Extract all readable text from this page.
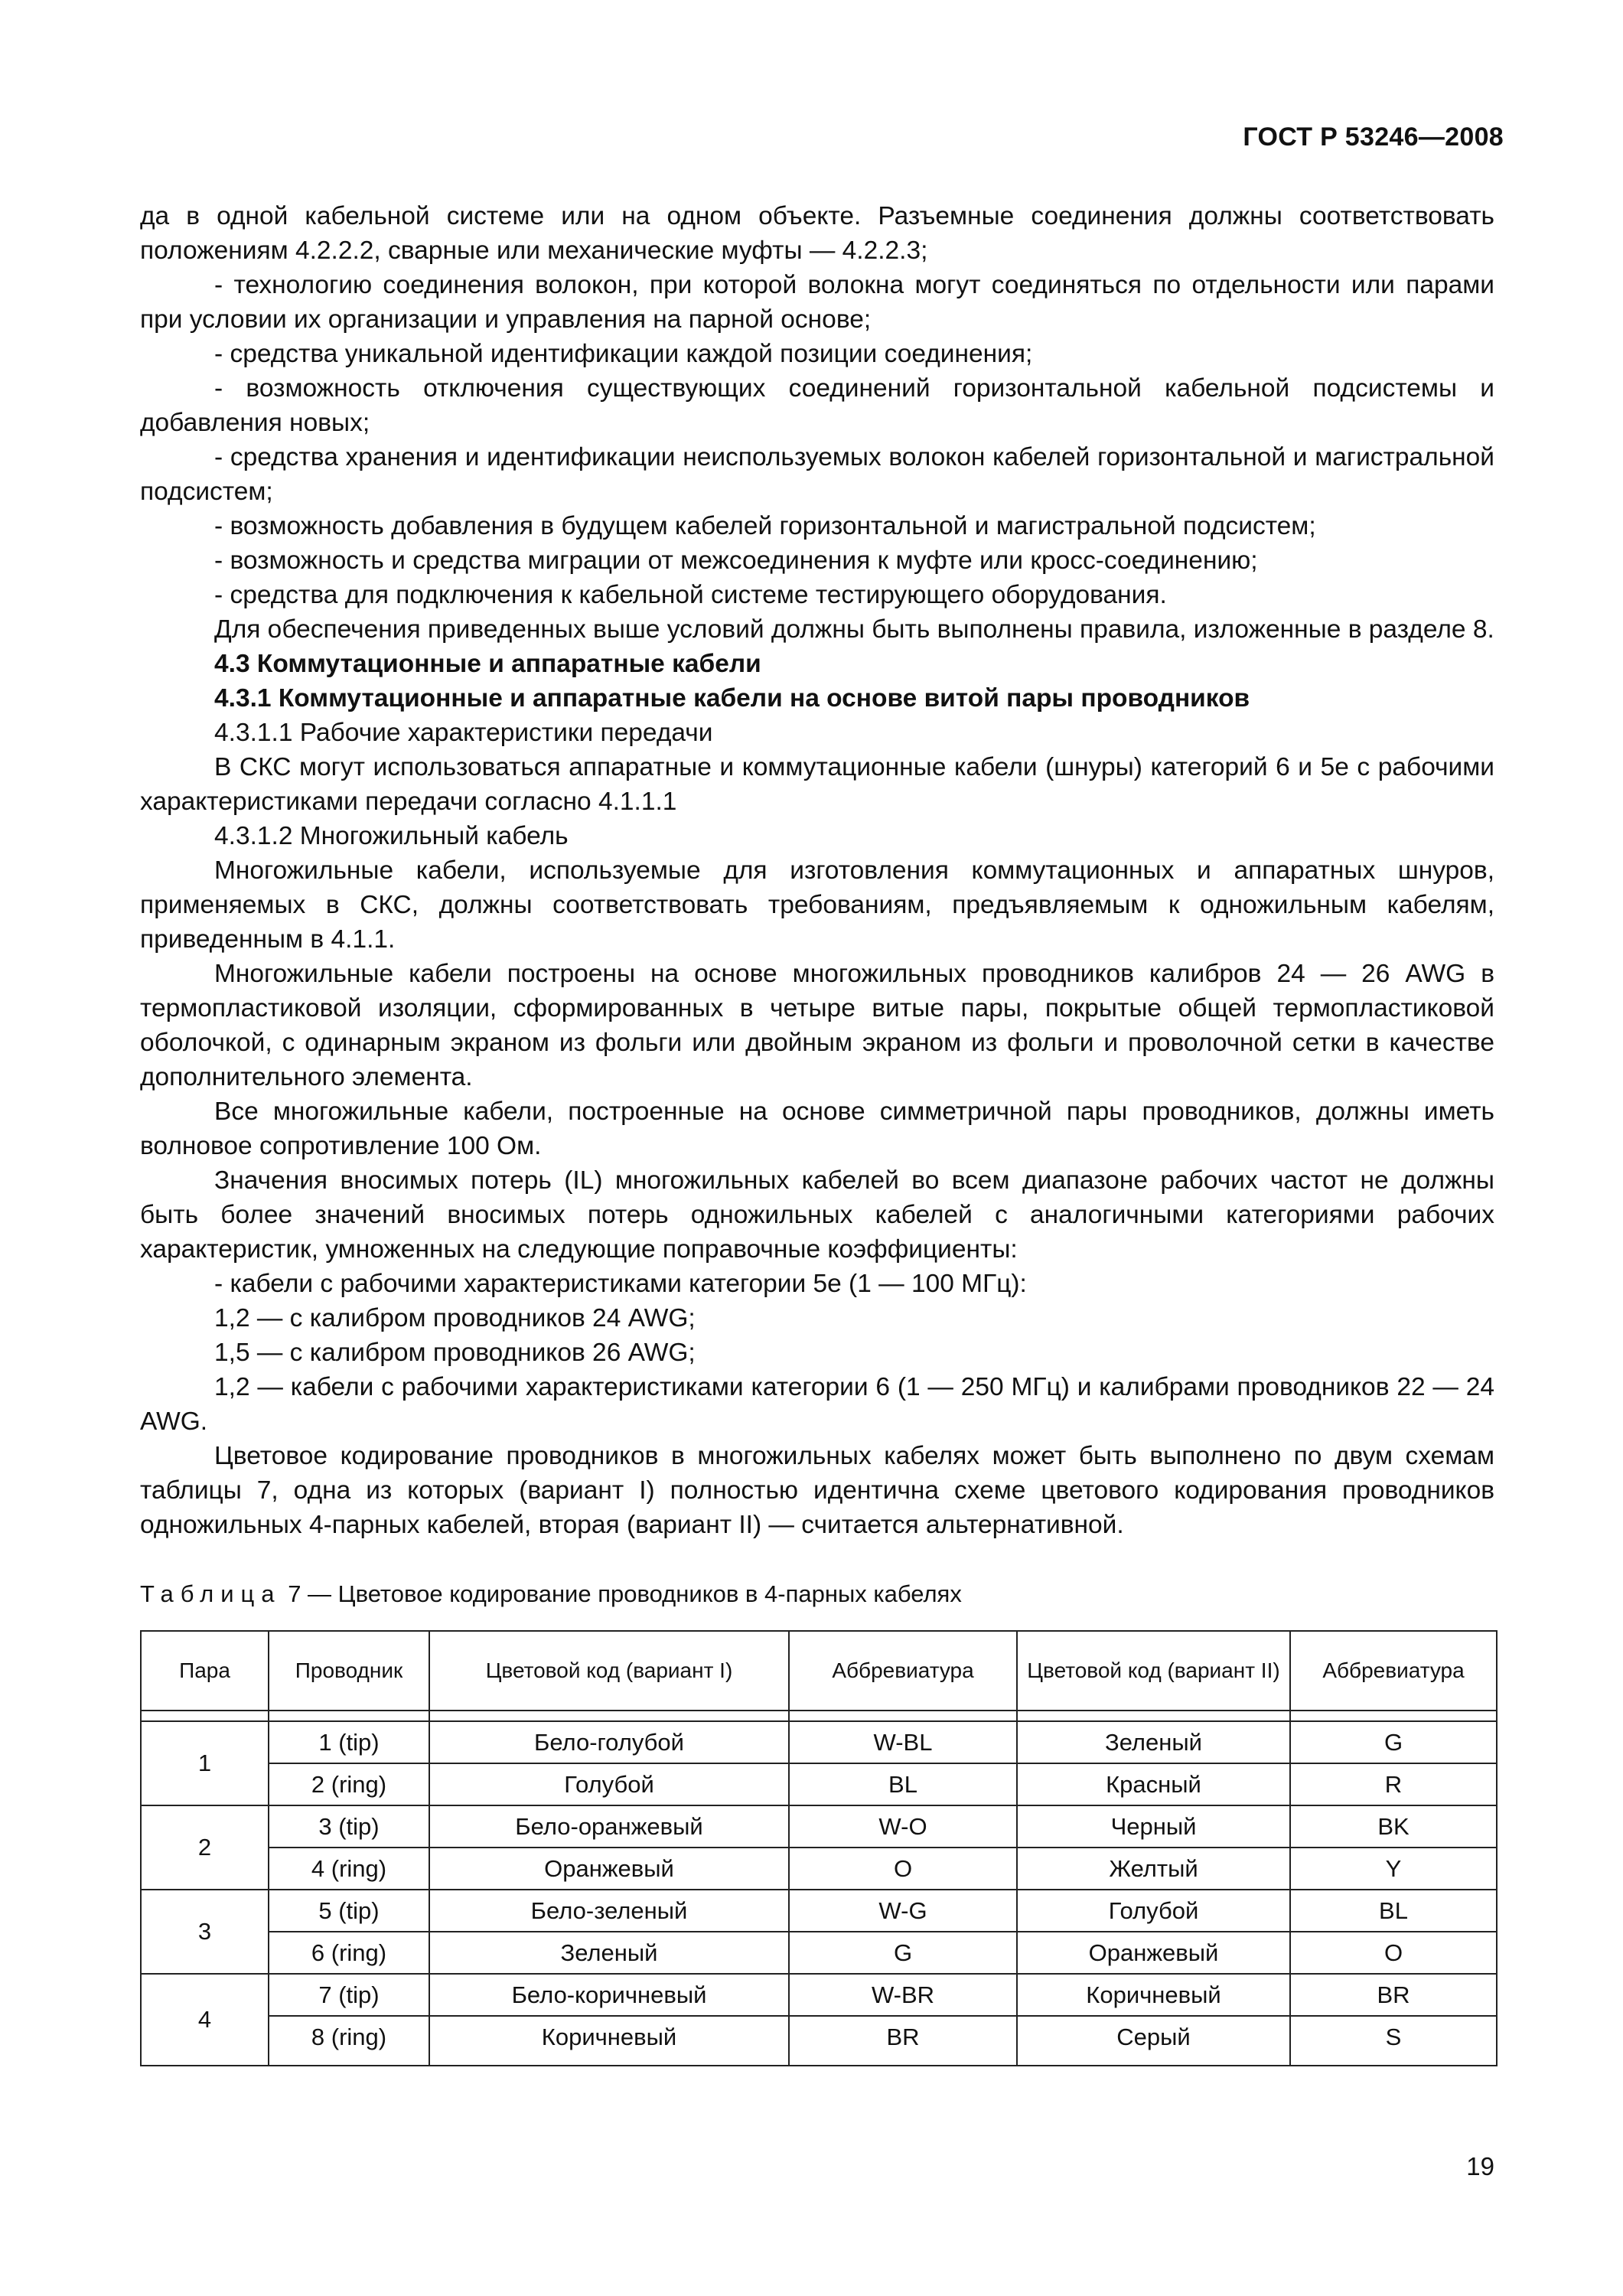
ГОСТ Р 53246—2008

да в одной кабельной системе или на одном объекте. Разъемные соединения должны соответствовать положениям 4.2.2.2, сварные или механические муфты — 4.2.2.3;

- технологию соединения волокон, при которой волокна могут соединяться по отдельности или парами при условии их организации и управления на парной основе;

- средства уникальной идентификации каждой позиции соединения;

- возможность отключения существующих соединений горизонтальной кабельной подсистемы и добавления новых;

- средства хранения и идентификации неиспользуемых волокон кабелей горизонтальной и магистральной подсистем;

- возможность добавления в будущем кабелей горизонтальной и магистральной подсистем;

- возможность и средства миграции от межсоединения к муфте или кросс-соединению;

- средства для подключения к кабельной системе тестирующего оборудования.

Для обеспечения приведенных выше условий должны быть выполнены правила, изложенные в разделе 8.

4.3 Коммутационные и аппаратные кабели

4.3.1 Коммутационные и аппаратные кабели на основе витой пары проводников

4.3.1.1 Рабочие характеристики передачи

В СКС могут использоваться аппаратные и коммутационные кабели (шнуры) категорий 6 и 5е с рабочими характеристиками передачи согласно 4.1.1.1

4.3.1.2 Многожильный кабель

Многожильные кабели, используемые для изготовления коммутационных и аппаратных шнуров, применяемых в СКС, должны соответствовать требованиям, предъявляемым к одножильным кабелям, приведенным в 4.1.1.

Многожильные кабели построены на основе многожильных проводников калибров 24 — 26 AWG в термопластиковой изоляции, сформированных в четыре витые пары, покрытые общей термопластиковой оболочкой, с одинарным экраном из фольги или двойным экраном из фольги и проволочной сетки в качестве дополнительного элемента.

Все многожильные кабели, построенные на основе симметричной пары проводников, должны иметь волновое сопротивление 100 Ом.

Значения вносимых потерь (IL) многожильных кабелей во всем диапазоне рабочих частот не должны быть более значений вносимых потерь одножильных кабелей с аналогичными категориями рабочих характеристик, умноженных на следующие поправочные коэффициенты:

- кабели с рабочими характеристиками категории 5е (1 — 100 МГц):

1,2 — с калибром проводников 24 AWG;

1,5 — с калибром проводников 26 AWG;

1,2 — кабели с рабочими характеристиками категории 6 (1 — 250 МГц) и калибрами проводников 22 — 24 AWG.

Цветовое кодирование проводников в многожильных кабелях может быть выполнено по двум схемам таблицы 7, одна из которых (вариант I) полностью идентична схеме цветового кодирования проводников одножильных 4-парных кабелей, вторая (вариант II) — считается альтернативной.

Таблица 7 — Цветовое кодирование проводников в 4-парных кабелях
Пара	Проводник	Цветовой код (вариант I)	Аббревиатура	Цветовой код (вариант II)	Аббревиатура

1	1 (tip)	Бело-голубой	W-BL	Зеленый	G
	2 (ring)	Голубой	BL	Красный	R
2	3 (tip)	Бело-оранжевый	W-O	Черный	BK
	4 (ring)	Оранжевый	O	Желтый	Y
3	5 (tip)	Бело-зеленый	W-G	Голубой	BL
	6 (ring)	Зеленый	G	Оранжевый	O
4	7 (tip)	Бело-коричневый	W-BR	Коричневый	BR
	8 (ring)	Коричневый	BR	Серый	S
19
